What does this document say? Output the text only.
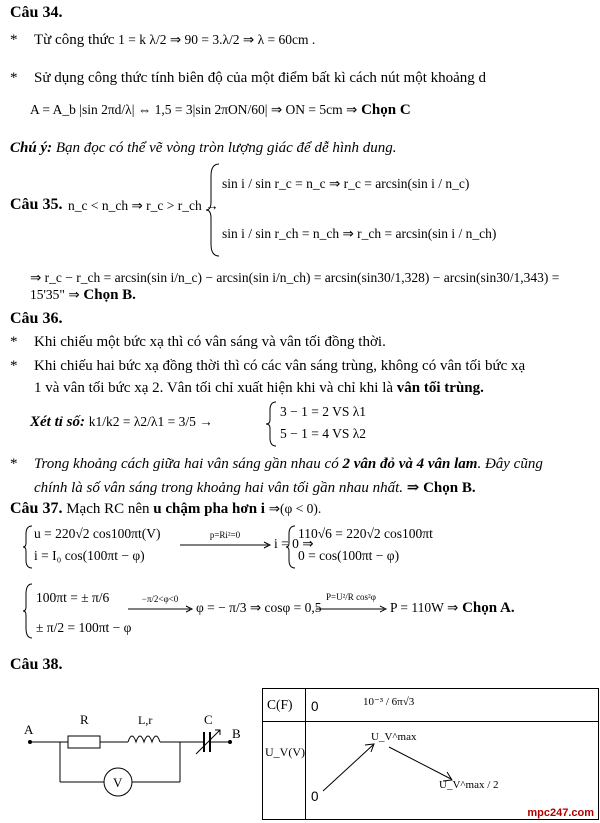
Câu 34.
* Từ công thức 1 = k λ/2 ⇒ 90 = 3.λ/2 ⇒ λ = 60cm .
* Sử dụng công thức tính biên độ của một điểm bất kì cách nút một khoảng d
A = A_b |sin 2πd/λ| ⇔ 1,5 = 3|sin 2πON/60| ⇒ ON = 5cm ⇒ Chọn C
Chú ý: Bạn đọc có thể vẽ vòng tròn lượng giác để dễ hình dung.
Câu 35. n_c < n_ch ⇒ r_c > r_ch →
sin i / sin r_c = n_c ⇒ r_c = arcsin(sin i / n_c)
sin i / sin r_ch = n_ch ⇒ r_ch = arcsin(sin i / n_ch)
⇒ r_c − r_ch = arcsin(sin i/n_c) − arcsin(sin i/n_ch) = arcsin(sin30/1,328) − arcsin(sin30/1,343) = 15'35" ⇒ Chọn B.
Câu 36.
* Khi chiếu một bức xạ thì có vân sáng và vân tối đồng thời.
* Khi chiếu hai bức xạ đồng thời thì có các vân sáng trùng, không có vân tối bức xạ
1 và vân tối bức xạ 2. Vân tối chỉ xuất hiện khi và chỉ khi là vân tối trùng.
Xét tỉ số: k1/k2 = λ2/λ1 = 3/5 →
3 − 1 = 2 VS λ1
5 − 1 = 4 VS λ2
* Trong khoảng cách giữa hai vân sáng gần nhau có 2 vân đỏ và 4 vân lam. Đây cũng
chính là số vân sáng trong khoảng hai vân tối gần nhau nhất. ⇒ Chọn B.
Câu 37. Mạch RC nên u chậm pha hơn i ⇒(φ < 0).
u = 220√2 cos100πt(V)
i = I₀ cos(100πt − φ)
p=Ri²=0
i = 0 ⇒
110√6 = 220√2 cos100πt
0 = cos(100πt − φ)
100πt = ± π/6
± π/2 = 100πt − φ
−π/2<φ<0
φ = − π/3 ⇒ cosφ = 0,5
P=U²/R cos²φ
P = 110W ⇒ Chọn A.
Câu 38.
A
R	L,r	C
B
V
C(F) 0	10⁻³ / 6π√3
U_V(V)
0
U_V^max
U_V^max / 2
mpc247.com
